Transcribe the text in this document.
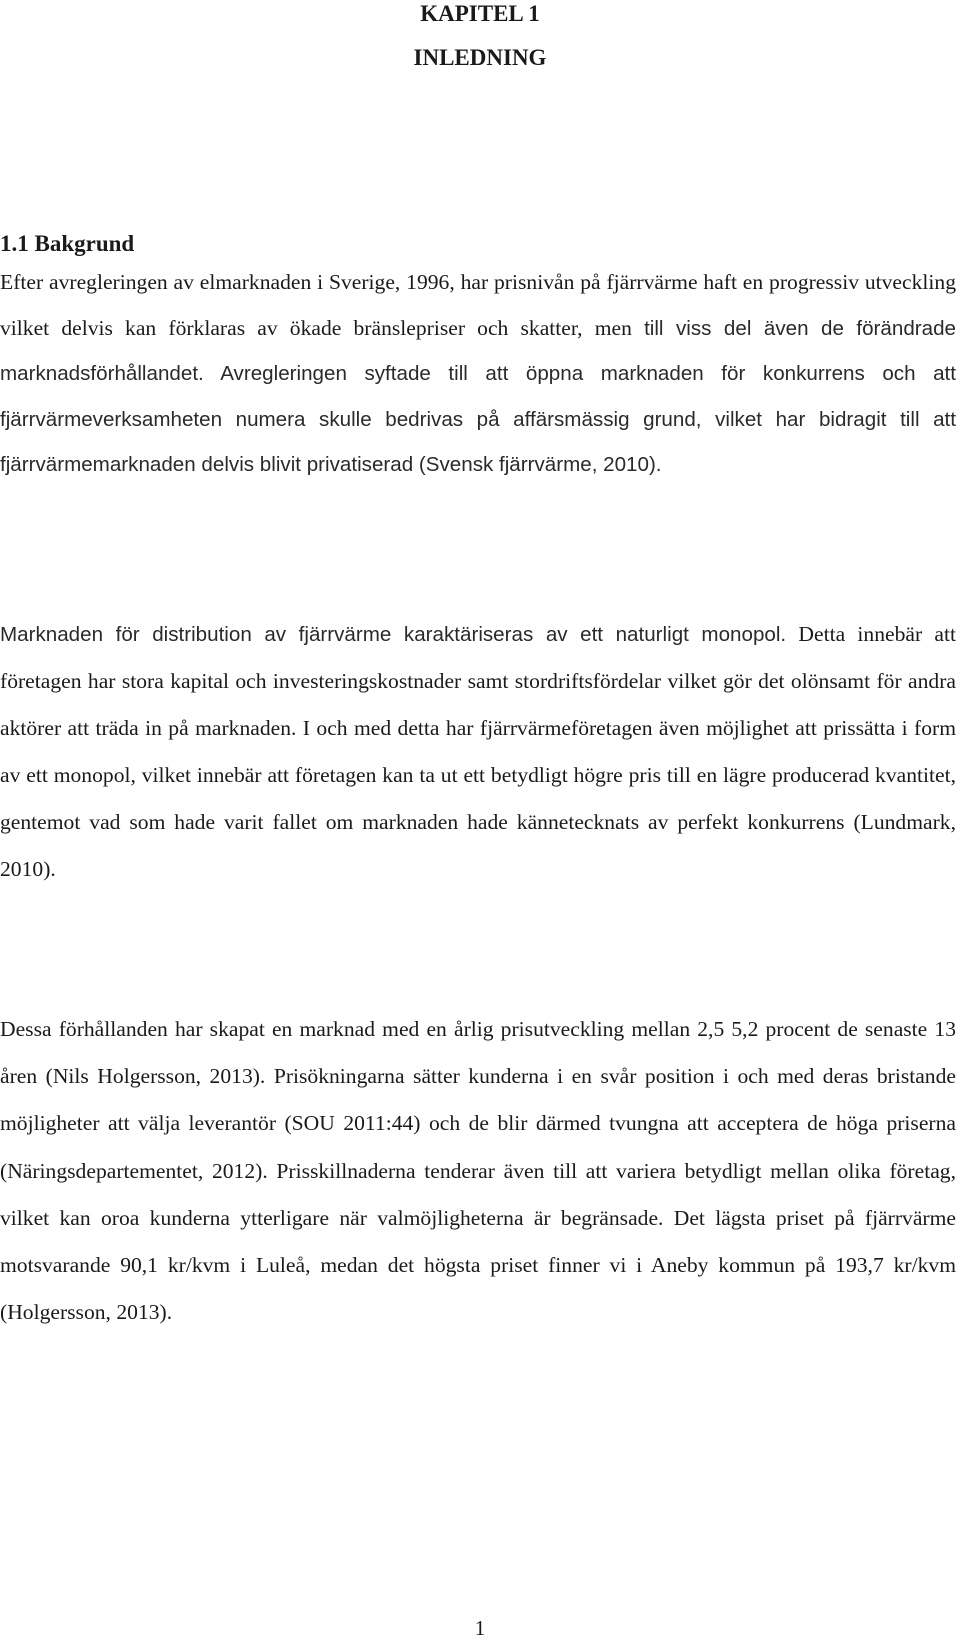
KAPITEL 1
INLEDNING
1.1 Bakgrund

Efter avregleringen av elmarknaden i Sverige, 1996, har prisnivån på fjärrvärme haft en progressiv utveckling vilket delvis kan förklaras av ökade bränslepriser och skatter, men till viss del även de förändrade marknadsförhållandet. Avregleringen syftade till att öppna marknaden för konkurrens och att fjärrvärmeverksamheten numera skulle bedrivas på affärsmässig grund, vilket har bidragit till att fjärrvärmemarknaden delvis blivit privatiserad (Svensk fjärrvärme, 2010).

Marknaden för distribution av fjärrvärme karaktäriseras av ett naturligt monopol. Detta innebär att företagen har stora kapital och investeringskostnader samt stordriftsfördelar vilket gör det olönsamt för andra aktörer att träda in på marknaden. I och med detta har fjärrvärmeföretagen även möjlighet att prissätta i form av ett monopol, vilket innebär att företagen kan ta ut ett betydligt högre pris till en lägre producerad kvantitet, gentemot vad som hade varit fallet om marknaden hade kännetecknats av perfekt konkurrens (Lundmark, 2010).

Dessa förhållanden har skapat en marknad med en årlig prisutveckling mellan 2,5 5,2 procent de senaste 13 åren (Nils Holgersson, 2013). Prisökningarna sätter kunderna i en svår position i och med deras bristande möjligheter att välja leverantör (SOU 2011:44) och de blir därmed tvungna att acceptera de höga priserna (Näringsdepartementet, 2012). Prisskillnaderna tenderar även till att variera betydligt mellan olika företag, vilket kan oroa kunderna ytterligare när valmöjligheterna är begränsade. Det lägsta priset på fjärrvärme motsvarande 90,1 kr/kvm i Luleå, medan det högsta priset finner vi i Aneby kommun på 193,7 kr/kvm (Holgersson, 2013).

1
